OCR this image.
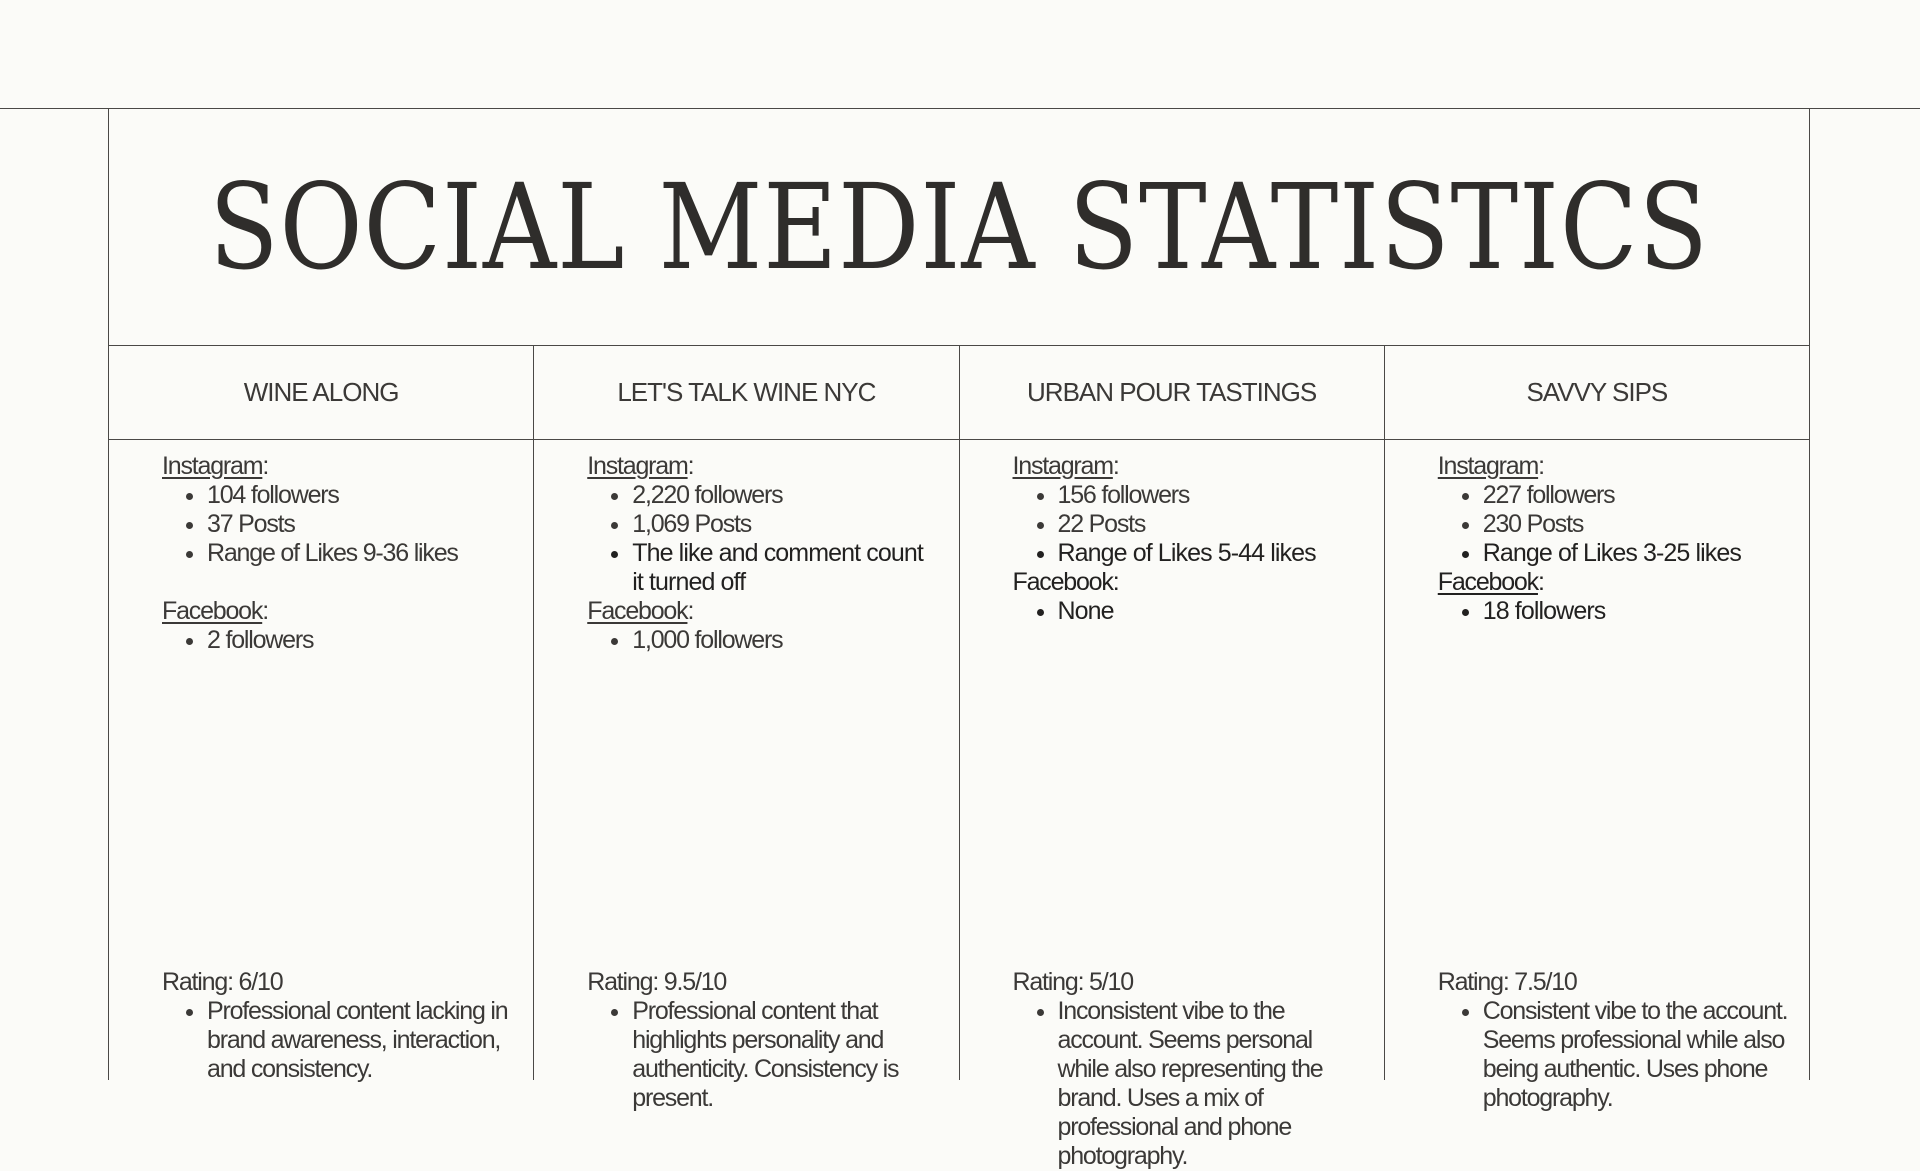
SOCIAL MEDIA STATISTICS
WINE ALONG
Instagram:
• 104 followers
• 37 Posts
• Range of Likes 9-36 likes
Facebook:
• 2 followers
Rating: 6/10
• Professional content lacking in brand awareness, interaction, and consistency.
LET'S TALK WINE NYC
Instagram:
• 2,220 followers
• 1,069 Posts
• The like and comment count it turned off
Facebook:
• 1,000 followers
Rating: 9.5/10
• Professional content that highlights personality and authenticity. Consistency is present.
URBAN POUR TASTINGS
Instagram:
• 156 followers
• 22 Posts
• Range of Likes 5-44 likes
Facebook:
• None
Rating: 5/10
• Inconsistent vibe to the account. Seems personal while also representing the brand. Uses a mix of professional and phone photography.
SAVVY SIPS
Instagram:
• 227 followers
• 230 Posts
• Range of Likes 3-25 likes
Facebook:
• 18 followers
Rating: 7.5/10
• Consistent vibe to the account. Seems professional while also being authentic. Uses phone photography.
